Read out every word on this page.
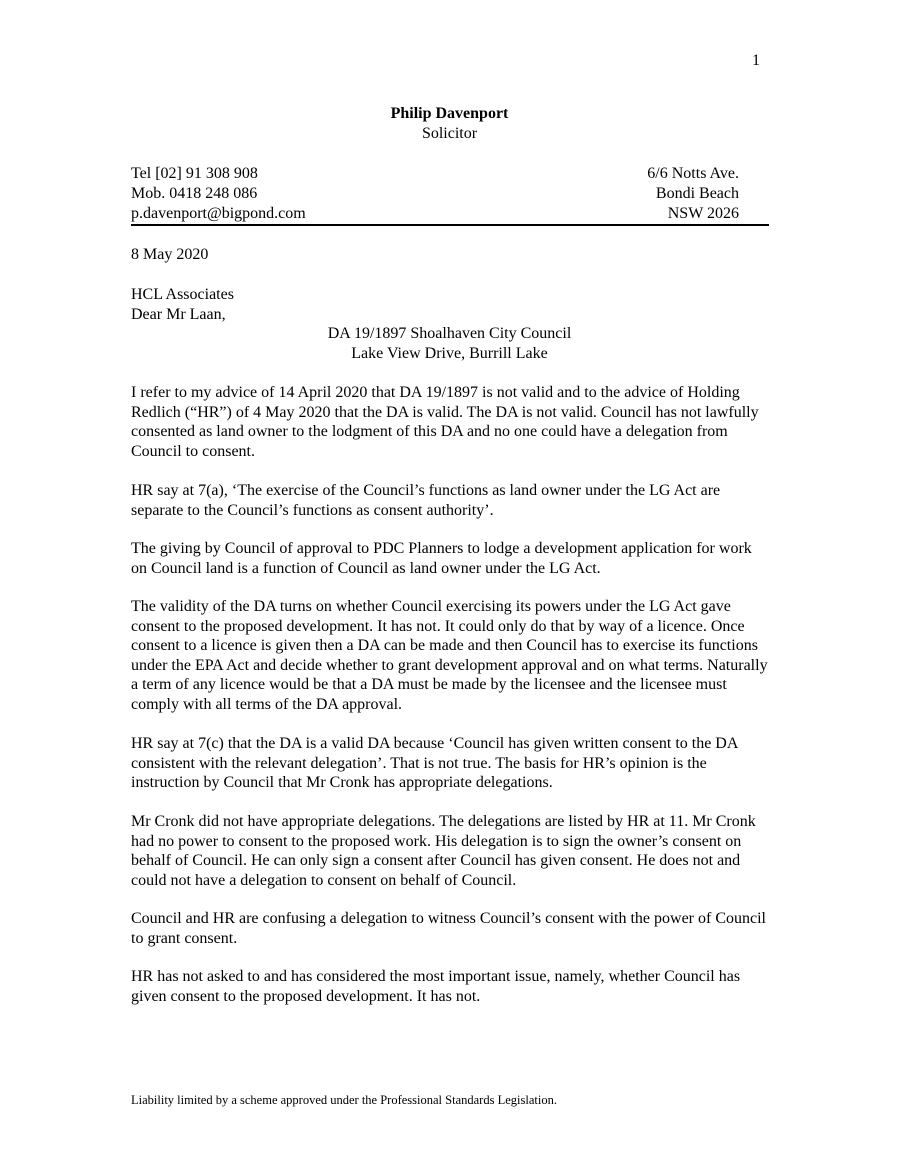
1
Philip Davenport
Solicitor
Tel [02] 91 308 908
Mob. 0418 248 086
p.davenport@bigpond.com
6/6 Notts Ave.
Bondi Beach
NSW 2026
8 May 2020
HCL Associates
Dear Mr Laan,
DA 19/1897 Shoalhaven City Council
Lake View Drive, Burrill Lake

I refer to my advice of 14 April 2020 that DA 19/1897 is not valid and to the advice of Holding Redlich (“HR”) of 4 May 2020 that the DA is valid. The DA is not valid. Council has not lawfully consented as land owner to the lodgment of this DA and no one could have a delegation from Council to consent.

HR say at 7(a), ‘The exercise of the Council’s functions as land owner under the LG Act are separate to the Council’s functions as consent authority’.

The giving by Council of approval to PDC Planners to lodge a development application for work on Council land is a function of Council as land owner under the LG Act.

The validity of the DA turns on whether Council exercising its powers under the LG Act gave consent to the proposed development. It has not. It could only do that by way of a licence. Once consent to a licence is given then a DA can be made and then Council has to exercise its functions under the EPA Act and decide whether to grant development approval and on what terms. Naturally a term of any licence would be that a DA must be made by the licensee and the licensee must comply with all terms of the DA approval.

HR say at 7(c) that the DA is a valid DA because ‘Council has given written consent to the DA consistent with the relevant delegation’. That is not true. The basis for HR’s opinion is the instruction by Council that Mr Cronk has appropriate delegations.

Mr Cronk did not have appropriate delegations. The delegations are listed by HR at 11. Mr Cronk had no power to consent to the proposed work. His delegation is to sign the owner’s consent on behalf of Council. He can only sign a consent after Council has given consent. He does not and could not have a delegation to consent on behalf of Council.

Council and HR are confusing a delegation to witness Council’s consent with the power of Council to grant consent.

HR has not asked to and has considered the most important issue, namely, whether Council has given consent to the proposed development. It has not.

Liability limited by a scheme approved under the Professional Standards Legislation.
